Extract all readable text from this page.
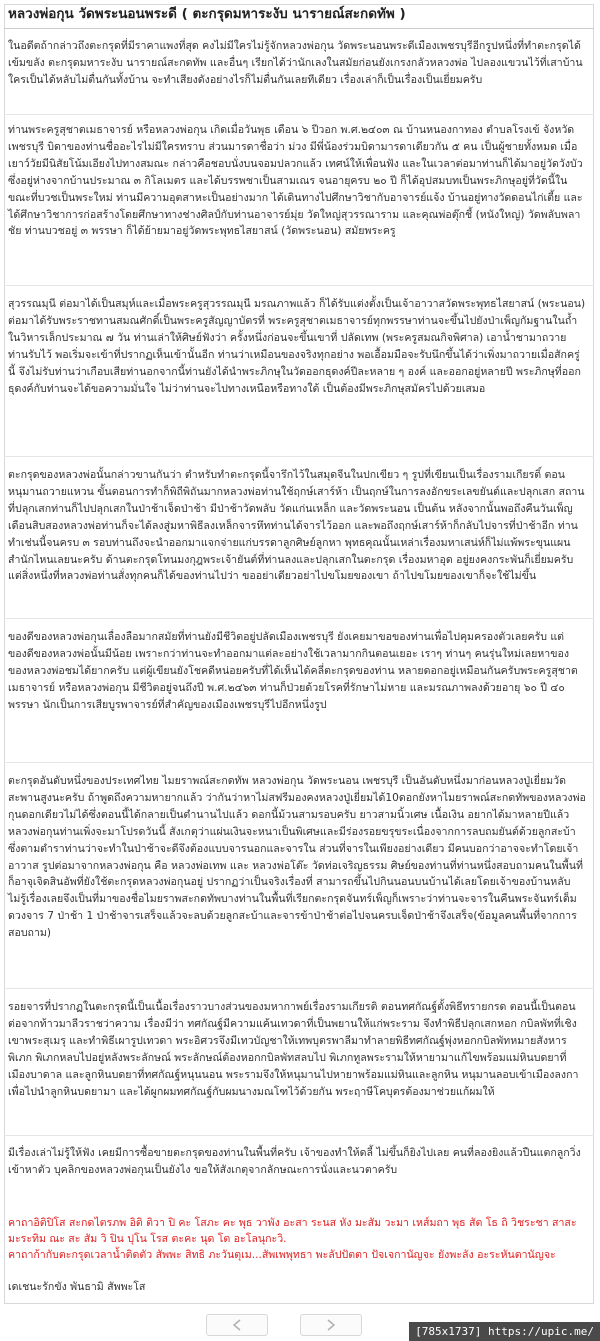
หลวงพ่อกุน วัดพระนอนพระดี ( ตะกรุดมหาระงับ นารายณ์สะกดทัพ )

ในอดีตถ้ากล่าวถึงตะกรุดที่มีราคาแพงที่สุด คงไม่มีใครไม่รู้จักหลวงพ่อกุน วัดพระนอนพระดีเมืองเพชรบุรีอีกรูปหนึ่งที่ทำตะกรุดได้เข้มขลัง ตะกรุดมหาระงับ นารายณ์สะกดทัพ และอื่นๆ เรียกได้ว่านักเลงในสมัยก่อนยังเกรงกลัวหลวงพ่อ ไปลองแขวนไว้ที่เสาบ้านใครเป็นได้หลับไม่ตื่นกันทั้งบ้าน จะทำเสียงดังอย่างไรก็ไม่ตื่นกันเลยทีเดียว เรื่องเล่าก็เป็นเรื่องเป็นเยี่ยมครับ

ท่านพระครูสุชาตเมธาจารย์ หรือหลวงพ่อกุน เกิดเมื่อวันพุธ เดือน ๖ ปีวอก พ.ศ.๒๔๐๓ ณ บ้านหนองกาทอง ตำบลโรงเข้ จังหวัดเพชรบุรี บิดาของท่านชื่ออะไรไม่มีใครทราบ ส่วนมารดาชื่อว่า ม่วง มีพี่น้องร่วมบิดามารดาเดียวกัน ๕ คน เป็นผู้ชายทั้งหมด เมื่อเยาว์วัยมีนิสัยโน้มเอียงไปทางสมณะ กล่าวคือชอบนั่งบนจอมปลวกแล้ว เทศน์ให้เพื่อนฟัง และในเวลาต่อมาท่านก็ได้มาอยู่วัดวังบัว ซึ่งอยู่ห่างจากบ้านประมาณ ๓ กิโลเมตร และได้บรรพชาเป็นสามเณร จนอายุครบ ๒๐ ปี ก็ได้อุปสมบทเป็นพระภิกษุอยู่ที่วัดนี้ในขณะที่บวชเป็นพระใหม่ ท่านมีความอุตสาหะเป็นอย่างมาก ได้เดินทางไปศึกษาวิชากับอาจารย์แจ้ง บ้านอยู่ทางวัดดอนไก่เตี้ย และได้ศึกษาวิชาการก่อสร้างโดยศึกษาทางช่างศิลป์กับท่านอาจารย์มุ่ย วัดใหญ่สุวรรณาราม และคุณพ่อตุ๊กชี้ (หนังใหญ่) วัดพลับพลาชัย ท่านบวชอยู่ ๓ พรรษา ก็ได้ย้ายมาอยู่วัดพระพุทธไสยาสน์ (วัดพระนอน) สมัยพระครู

สุวรรณมุนี ต่อมาได้เป็นสมุห์และเมื่อพระครูสุวรรณมุนี มรณภาพแล้ว ก็ได้รับแต่งตั้งเป็นเจ้าอาวาสวัดพระพุทธไสยาสน์ (พระนอน) ต่อมาได้รับพระราชทานสมณศักดิ์เป็นพระครูสัญญาบัตรที่ พระครูสุชาตเมธาจารย์ทุกพรรษาท่านจะขึ้นไปยังป่าเพ็ญกัมฐานในถ้ำ ในวิหารเล็กประมาณ ๗ วัน ท่านเล่าให้ศิษย์ฟังว่า ครั้งหนึ่งก่อนจะขึ้นเขาที่ ปลัดเทพ (พระครูสมณกิจพิศาล) เอาน้ำชามาถวายท่านรับไว้ พอเริ่มจะเข้าที่ปรากฏเห็นเข้านั้นอีก ท่านว่าเหมือนของจริงทุกอย่าง พอเอื้อมมือจะรับนึกขึ้นได้ว่าเพิ่งมาถวายเมื่อสักครู่นี้ จึงไม่รับท่านว่าเกือบเสียท่านอกจากนี้ท่านยังได้นำพระภิกษุในวัดออกธุดงค์ปีละหลาย ๆ องค์ และออกอยู่หลายปี พระภิกษุที่ออกธุดงค์กับท่านจะได้ขอความมั่นใจ ไม่ว่าท่านจะไปทางเหนือหรือทางใต้ เป็นต้องมีพระภิกษุสมัครไปด้วยเสมอ

ตะกรุดของหลวงพ่อนั้นกล่าวขานกันว่า ตำหรับทำตะกรุดนี้จารึกไว้ในสมุดจีนในปกเขียว ๆ รูปที่เขียนเป็นเรื่องรามเกียรติ์ ตอนหนุมานถวายแหวน ขั้นตอนการทำก็พิถีพิถันมากหลวงพ่อท่านใช้ฤกษ์เสาร์ห้า เป็นฤกษ์ในการลงอักขระเลขยันต์และปลุกเสก สถานที่ปลุกเสกท่านก็ไปปลุกเสกในป่าช้าเจ็ดป่าช้า มีป่าช้าวัดพลับ วัดแก่นเหล็ก และวัดพระนอน เป็นต้น หลังจากนั้นพอถึงคืนวันเพ็ญเดือนสิบสองหลวงพ่อท่านก็จะได้ลงสู่มหาพิธีลงเหล็กจารหึทท่านได้จารไว้ออก และพอถึงฤกษ์เสาร์ห้าก็กลับไปจารที่ป่าช้าอีก ท่านทำเช่นนี้จนครบ ๓ รอบท่านถึงจะนำออกมาแจกจ่ายแก่บรรดาลูกศิษย์ลูกหา พุทธคุณนั้นเหล่าเรื่องมหาเสน่ห์ก็ไม่แพ้พระขุนแผนสำนักไหนเลยนะครับ ด้านตะกรุดโทนมงกุฎพระเจ้ายันต์ที่ท่านลงและปลุกเสกในตะกรุด เรื่องมหาอุด อยู่ยงคงกระพันก็เยี่ยมครับ แต่สิ่งหนึ่งที่หลวงพ่อท่านสั่งทุกคนก็ได้ของท่านไปว่า ขออย่าเดียวอย่าไปขโมยของเขา ถ้าไปขโมยของเขาก็จะใช้ไม่ขึ้น

ของดีของหลวงพ่อกุนเลื่องลือมากสมัยที่ท่านยังมีชีวิตอยู่ปลัดเมืองเพชรบุรี ยังเคยมาขอของท่านเพื่อไปคุมครองตัวเลยครับ แต่ของดีของหลวงพ่อนั้นมีน้อย เพราะกว่าท่านจะทำออกมาแต่ละอย่างใช้เวลามากกินตอนเยอะ เราๆ ท่านๆ คนรุ่นใหม่เลยหาของของหลวงพ่อชมได้ยากครับ แต่ผู้เขียนยังโชคดีหน่อยครับที่ได้เห็นได้คลี่ตะกรุดของท่าน หลายดอกอยู่เหมือนกันครับพระครูสุชาตเมธาจารย์ หรือหลวงพ่อกุน มีชีวิตอยู่จนถึงปี พ.ศ.๒๔๖๓ ท่านก็ป่วยด้วยโรคที่รักษาไม่หาย และมรณภาพลงด้วยอายุ ๖๐ ปี ๔๐ พรรษา นักเป็นการเสียบูรพาจารย์ที่สำคัญของเมืองเพชรบุรีไปอีกหนึ่งรูป

ตะกรุดอันดับหนึ่งของประเทศไทย ไมยราพณ์สะกดทัพ หลวงพ่อกุน วัดพระนอน เพชรบุรี เป็นอันดับหนึ่งมาก่อนหลวงปู่เยี่ยมวัดสะพานสูงนะครับ ถ้าพูดถึงความหายากแล้ว ว่ากันว่าหาไม่สฟรีมองคงหลวงปู่เยี่ยมได้10ดอกยังหาไมยราพณ์สะกดทัพของหลวงพ่อกุนดอกเดียวไม่ได้ซึ่งตอนนี้ได้กลายเป็นตำนานไปแล้ว ดอกนี้ม้วนสามรอบครับ ยาวสามนิ้วเศษ เนื้อเงิน อยากได้มาหลายปีแล้ว หลวงพ่อกุนท่านเพิ่งจะมาโปรดวันนี้ สังเกตุว่าแผ่นเงินจะหนาเป็นพิเศษและมีร่องรอยขรุขระเนื่องจากการลบถมยันต์ด้วยลูกสะบ้า ซึ่งตามตำราท่านว่าจะทำในป่าช้าจะดีจึงต้องแบบจารนอกและจารใน ส่วนที่จารในเพียงอย่างเดียว มีคนบอกว่าอาจจะทำโดยเจ้าอาวาส รูปต่อมาจากหลวงพ่อกุน คือ หลวงพ่อเทพ และ หลวงพ่อโต๊ะ วัดท่อเจริญธรรม ศิษย์ของท่านที่ท่านหนึ่งสอบถามคนในพื้นที่ ก็อาจุเจิดสินอัพที่ยังใช้ตะกรุดหลวงพ่อกุนอยู่ ปรากฏว่าเป็นจริงเรื่องที่ สามารถขึ้นไปกินนอนบนบ้านได้เลยโดยเจ้าของบ้านหลับไม่รู้เรื่องเลยจึงเป็นที่มาของชื่อไมยราพสะกดทัพบางท่านในพื้นที่เรียกตะกรุดจันทร์เพ็ญก็เพราะว่าท่านจะจารในคืนพระจันทร์เต็มดวงจาร 7 ป่าช้า 1 ป่าช้าจารเสร็จแล้วจะลบด้วยลูกสะบ้าและจารข้าป่าช้าต่อไปจนครบเจ็ดป่าช้าจึงเสร็จ(ข้อมูลคนพื้นที่จากการสอบถาม)

รอยจารที่ปรากฏในตะกรุดนี้เป็นเนื้อเรื่องราวบางส่วนของมหากาพย์เรื่องรามเกียรติ ตอนทศกัณฐ์ตั้งพิธีทรายกรด ตอนนี้เป็นตอนต่อจากท้าวมาลีวราชว่าความ เรื่องมีว่า ทศกัณฐ์มีความแค้นเทวดาที่เป็นพยานให้แก่พระราม จึงทำพิธีปลุกเสกหอก กบิลพัทที่เชิงเขาพระสุเมรุ และทำพิธีเผารูปเทวดา พระอิศวรจึงมีเทวบัญชาให้เทพบุตรพาลีมาทำลายพิธีทศกัณฐ์พุ่งหอกกบิลพัทหมายสังหารพิเภก พิเภกหลบไปอยู่หลังพระลักษณ์ พระลักษณ์ต้องหอกกบิลพัทสลบไป พิเภกทูลพระรามให้หายามาแก้ไขพร้อมแม่หินบดยาที่เมืองบาดาล และลูกหินบดยาที่ทศกัณฐ์หนุนนอน พระรามจึงให้หนุมานไปหายาพร้อมแม่หินและลูกหิน หนุมานลอบเข้าเมืองลงกาเพื่อไปนำลูกหินบดยามา และได้ผูกผมทศกัณฐ์กับผมนางมณโฑไว้ด้วยกัน พระฤาษีโคบุตรต้องมาช่วยแก้ผมให้

มีเรื่องเล่าไม่รู้ให้ฟัง เคยมีการซื้อขายตะกรุดของท่านในพื้นที่ครับ เจ้าของทำให้ดลี้ ไม่ขึ้นก็ยิงไปเลย คนที่ลองยิงแล้วปืนแตกลูกวิ่งเข้าหาตัว บุคลิกของหลวงพ่อกุนเป็นยังไง ขอให้สังเกตุจากลักษณะการนั่งและนวตาครับ

คาถาอิติปิโส สะกดไตรภพ อิติ ติวา ปิ คะ โสภะ คะ พุธ วาพัง อะสา ระนส หัง มะสัม วะมา เหส์มถา พุธ สัต โธ ถิ วิชระชา สาสะมะระทิม ณะ สะ สัม วิ ปิน ปุโน โรส ตะคะ นุด โต อะโลนุกะวิ.

คาถาก้ากับตะกรุดเวลาน้ำติดตัว สัพพะ สิทธิ ภะวันตุเม...สัพเพพุทธา พะลัปปัตตา ปัจเจกานัญจะ ยังพะลัง อะระหันตานัญจะ

เดเชนะรักขัง พันธามิ สัพพะโส

[785x1737] https://upic.me/
